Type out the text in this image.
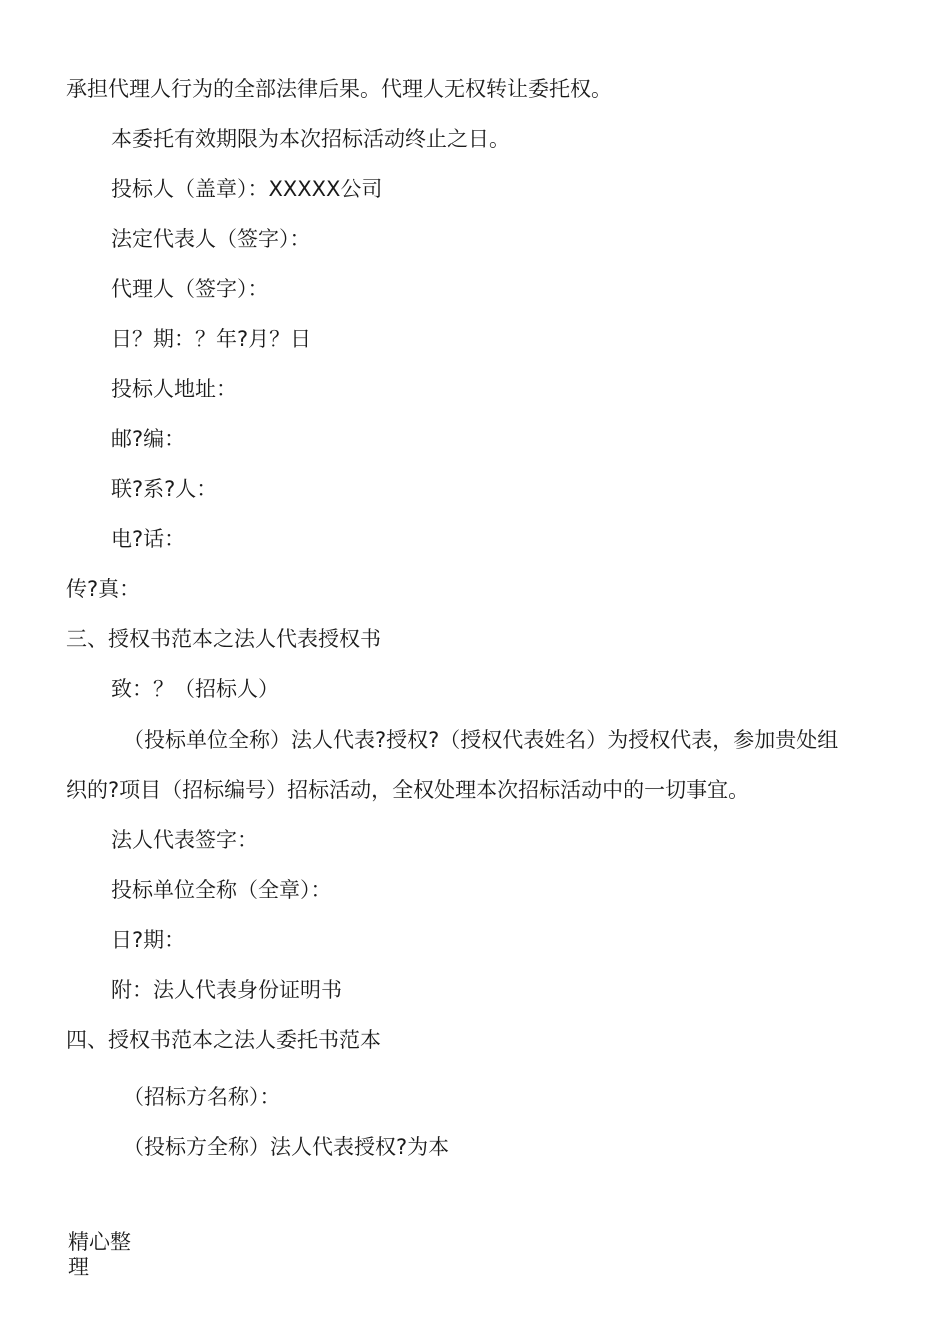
承担代理人行为的全部法律后果。代理人无权转让委托权。
本委托有效期限为本次招标活动终止之日。
投标人（盖章）：XXXXX公司
法定代表人（签字）：
代理人（签字）：
日？期：？年?月？日
投标人地址：
邮?编：
联?系?人：
电?话：
传?真：
三、授权书范本之法人代表授权书
致：？（招标人）
（投标单位全称）法人代表?授权?（授权代表姓名）为授权代表，参加贵处组
织的?项目（招标编号）招标活动，全权处理本次招标活动中的一切事宜。
法人代表签字：
投标单位全称（全章）：
日?期：
附：法人代表身份证明书
四、授权书范本之法人委托书范本
（招标方名称）：
（投标方全称）法人代表授权?为本
精心整理
